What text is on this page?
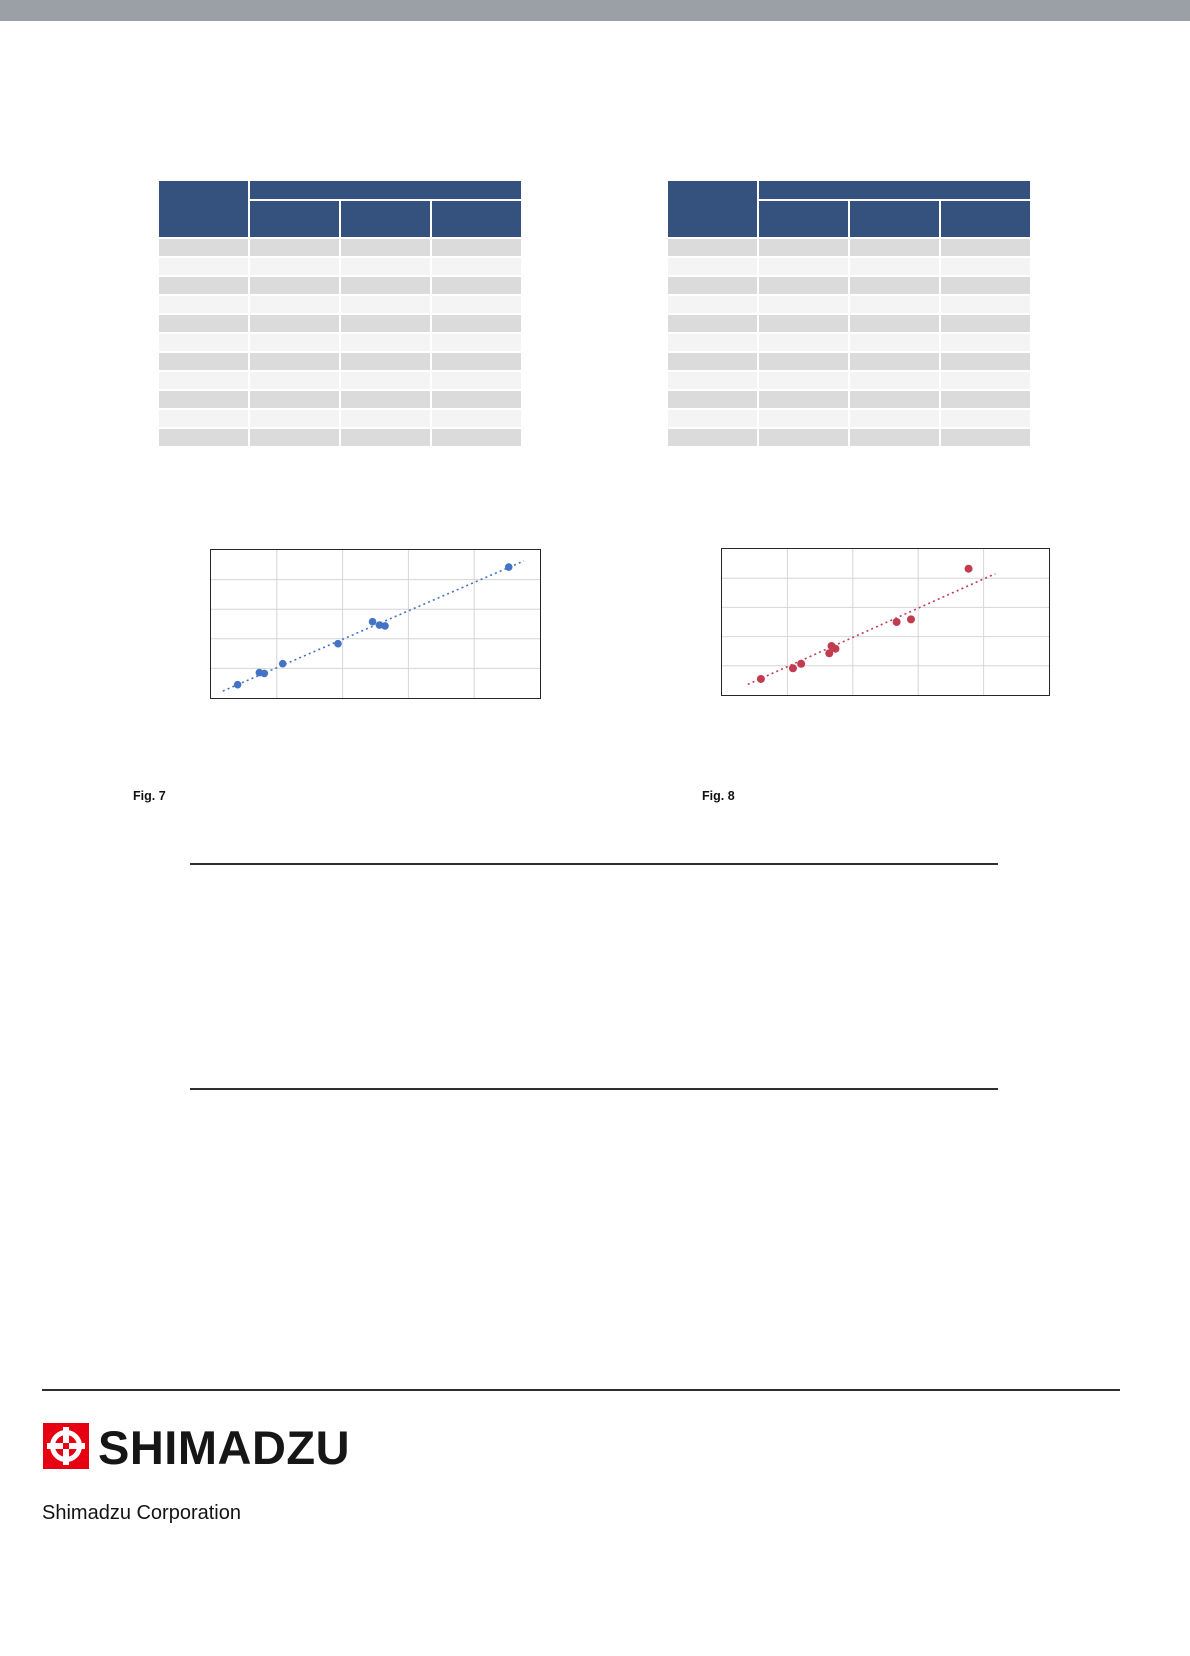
Fig. 7	Fig. 8
SHIMADZU
Shimadzu Corporation
